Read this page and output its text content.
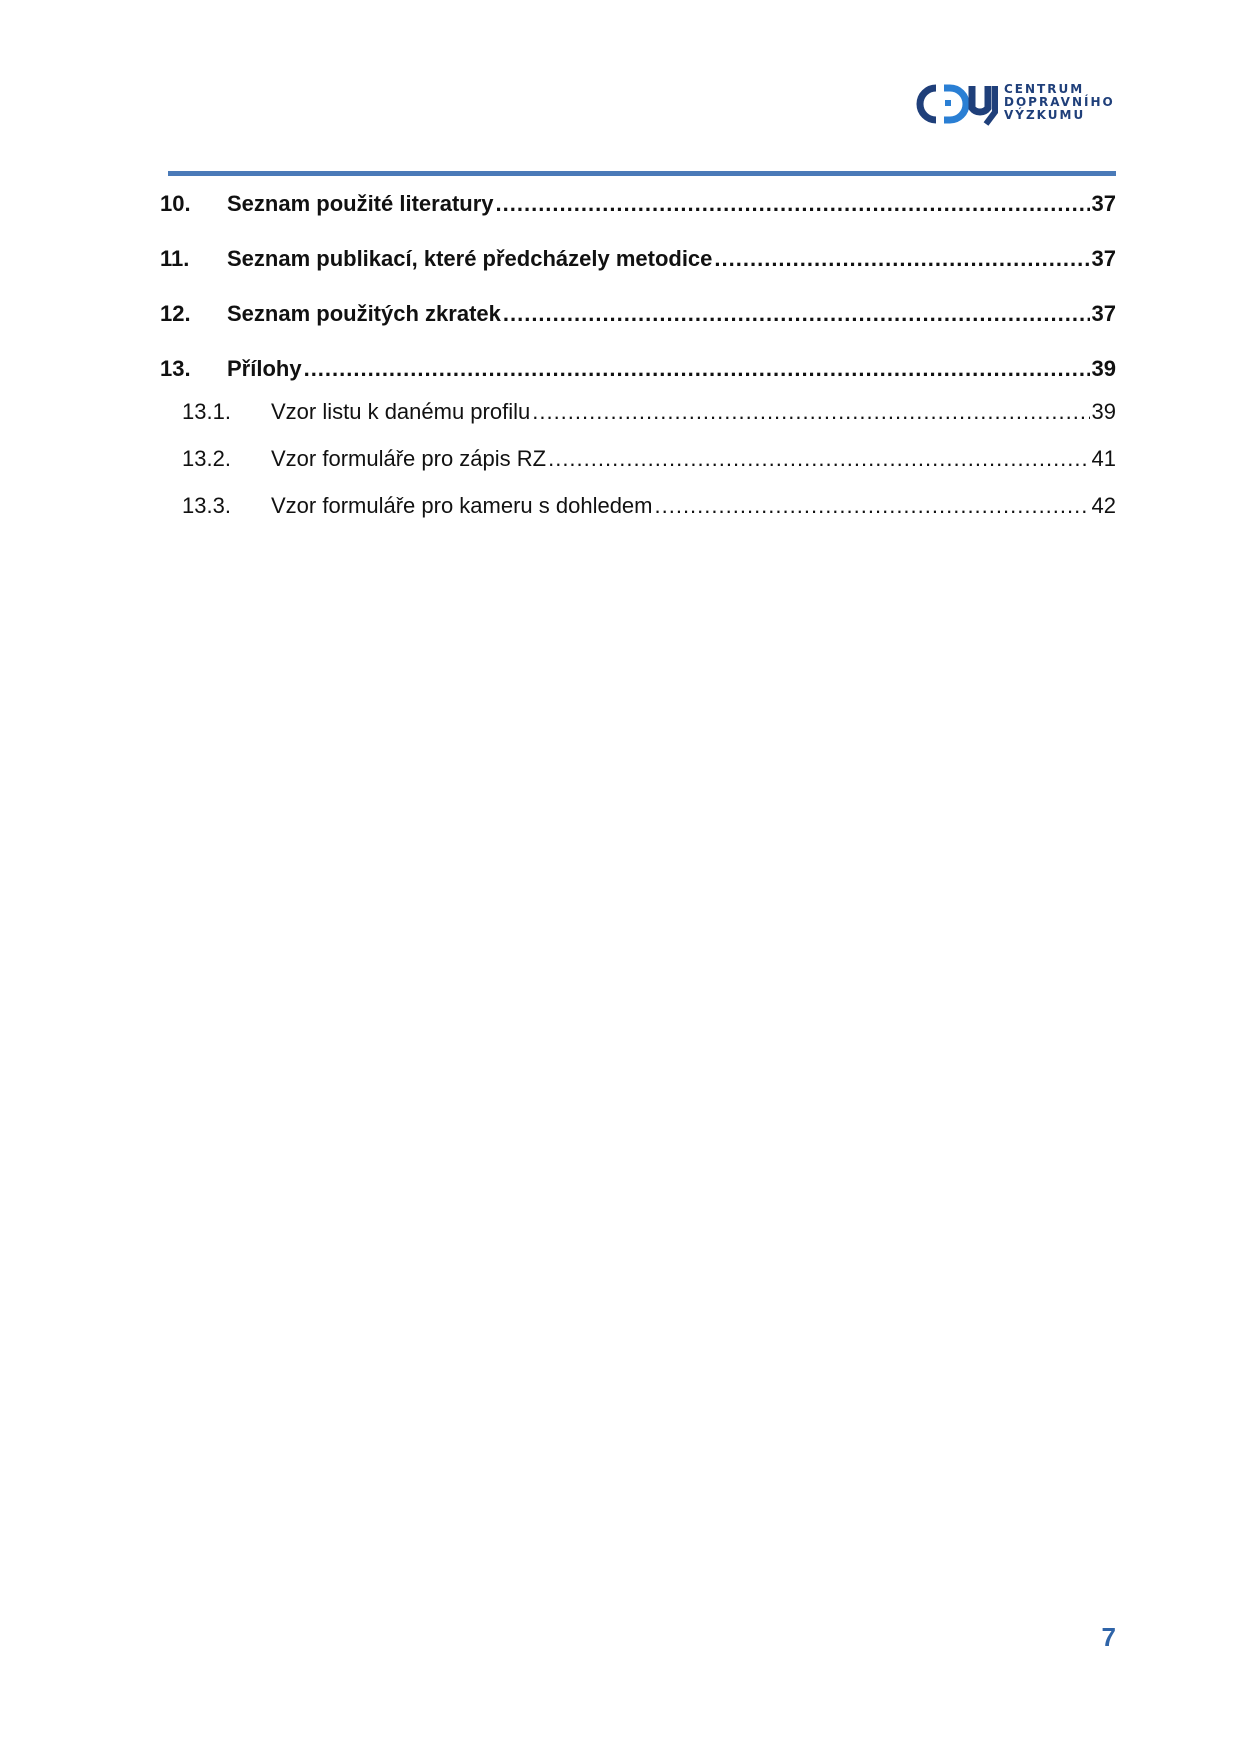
CENTRUM
DOPRAVNÍHO
VÝZKUMU
10.	Seznam použité literatury .....	37
11.	Seznam publikací, které předcházely metodice .....	37
12.	Seznam použitých zkratek .....	37
13.	Přílohy .....	39
13.1.	Vzor listu k danému profilu .....	39
13.2.	Vzor formuláře pro zápis RZ .....	41
13.3.	Vzor formuláře pro kameru s dohledem .....	42
7
